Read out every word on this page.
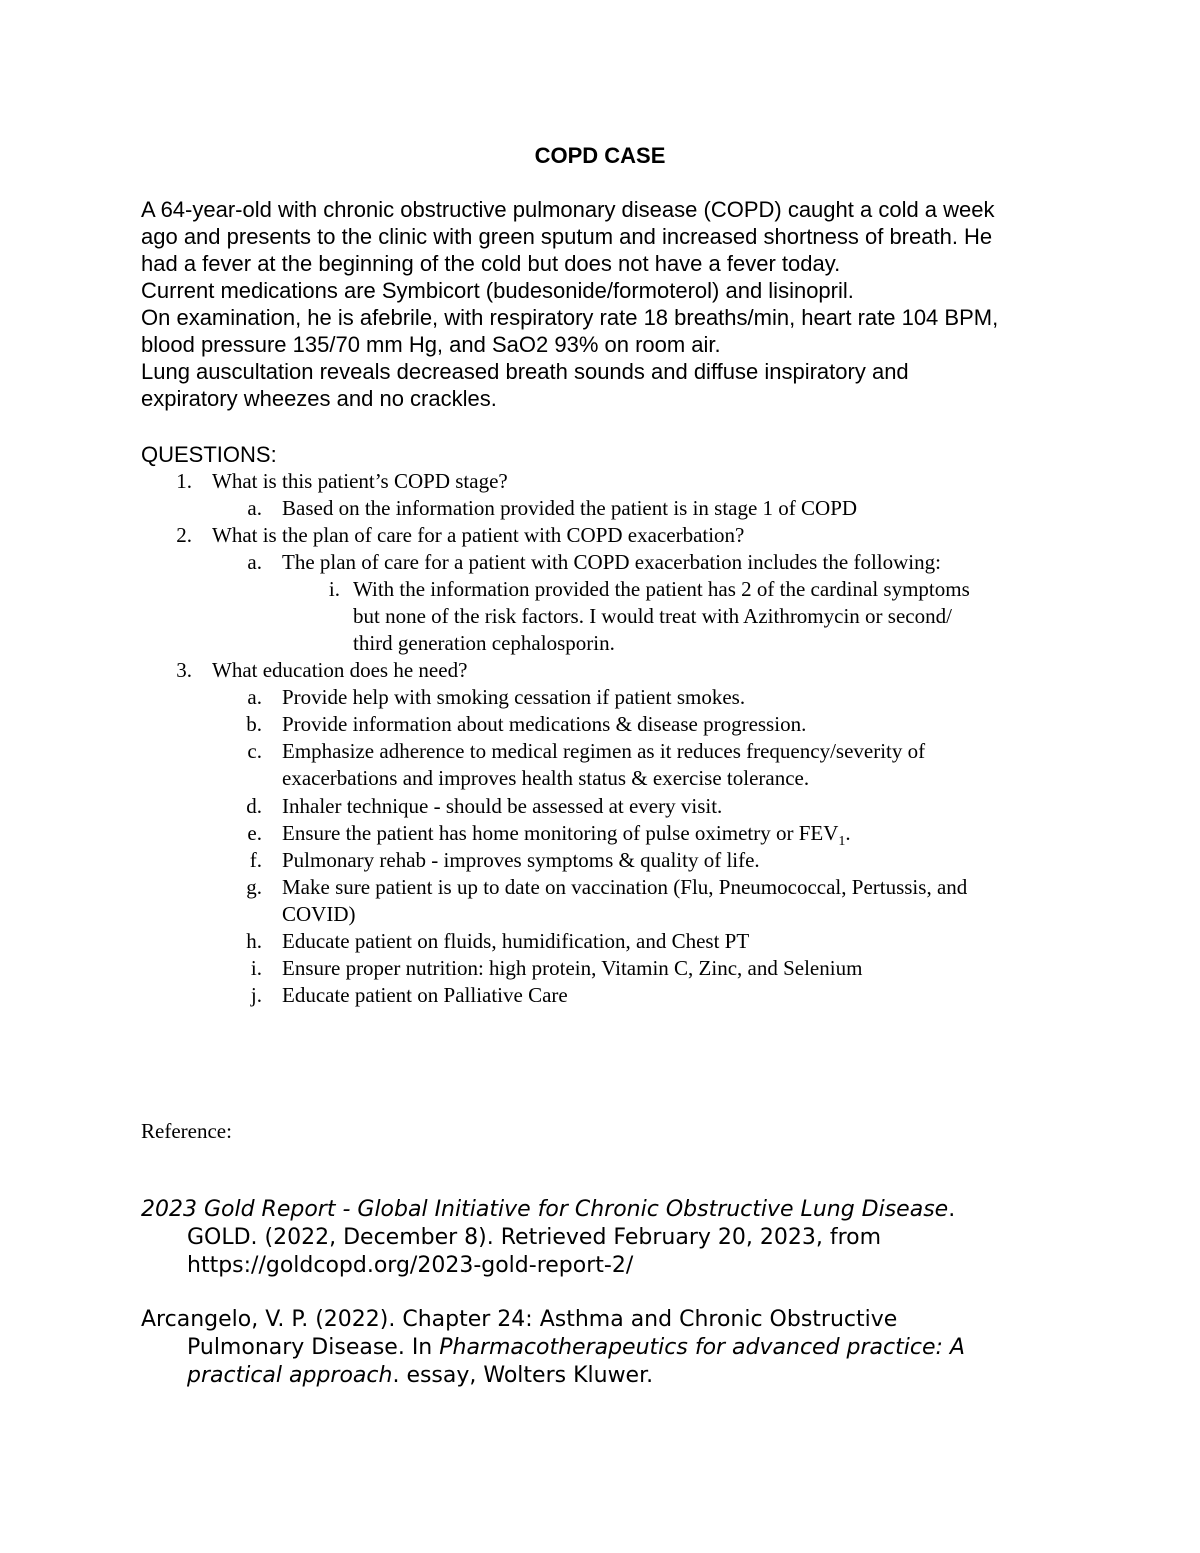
COPD CASE

A 64-year-old with chronic obstructive pulmonary disease (COPD) caught a cold a week

ago and presents to the clinic with green sputum and increased shortness of breath. He

had a fever at the beginning of the cold but does not have a fever today.

Current medications are Symbicort (budesonide/formoterol) and lisinopril.

On examination, he is afebrile, with respiratory rate 18 breaths/min, heart rate 104 BPM,

blood pressure 135/70 mm Hg, and SaO2 93% on room air.

Lung auscultation reveals decreased breath sounds and diffuse inspiratory and

expiratory wheezes and no crackles.

QUESTIONS:

1. What is this patient’s COPD stage?
a. Based on the information provided the patient is in stage 1 of COPD
2. What is the plan of care for a patient with COPD exacerbation?
a. The plan of care for a patient with COPD exacerbation includes the following:
i. With the information provided the patient has 2 of the cardinal symptoms
but none of the risk factors. I would treat with Azithromycin or second/
third generation cephalosporin.
3. What education does he need?
a. Provide help with smoking cessation if patient smokes.
b. Provide information about medications & disease progression.
c. Emphasize adherence to medical regimen as it reduces frequency/severity of
exacerbations and improves health status & exercise tolerance.
d. Inhaler technique - should be assessed at every visit.
e. Ensure the patient has home monitoring of pulse oximetry or $FEV_1$.
f. Pulmonary rehab - improves symptoms & quality of life.
g. Make sure patient is up to date on vaccination (Flu, Pneumococcal, Pertussis, and
COVID)
h. Educate patient on fluids, humidification, and Chest PT
i. Ensure proper nutrition: high protein, Vitamin C, Zinc, and Selenium
j. Educate patient on Palliative Care
Reference:
2023 Gold Report - Global Initiative for Chronic Obstructive Lung Disease.
GOLD. (2022, December 8). Retrieved February 20, 2023, from
https://goldcopd.org/2023-gold-report-2/
Arcangelo, V. P. (2022). Chapter 24: Asthma and Chronic Obstructive
Pulmonary Disease. In Pharmacotherapeutics for advanced practice: A
practical approach. essay, Wolters Kluwer.
